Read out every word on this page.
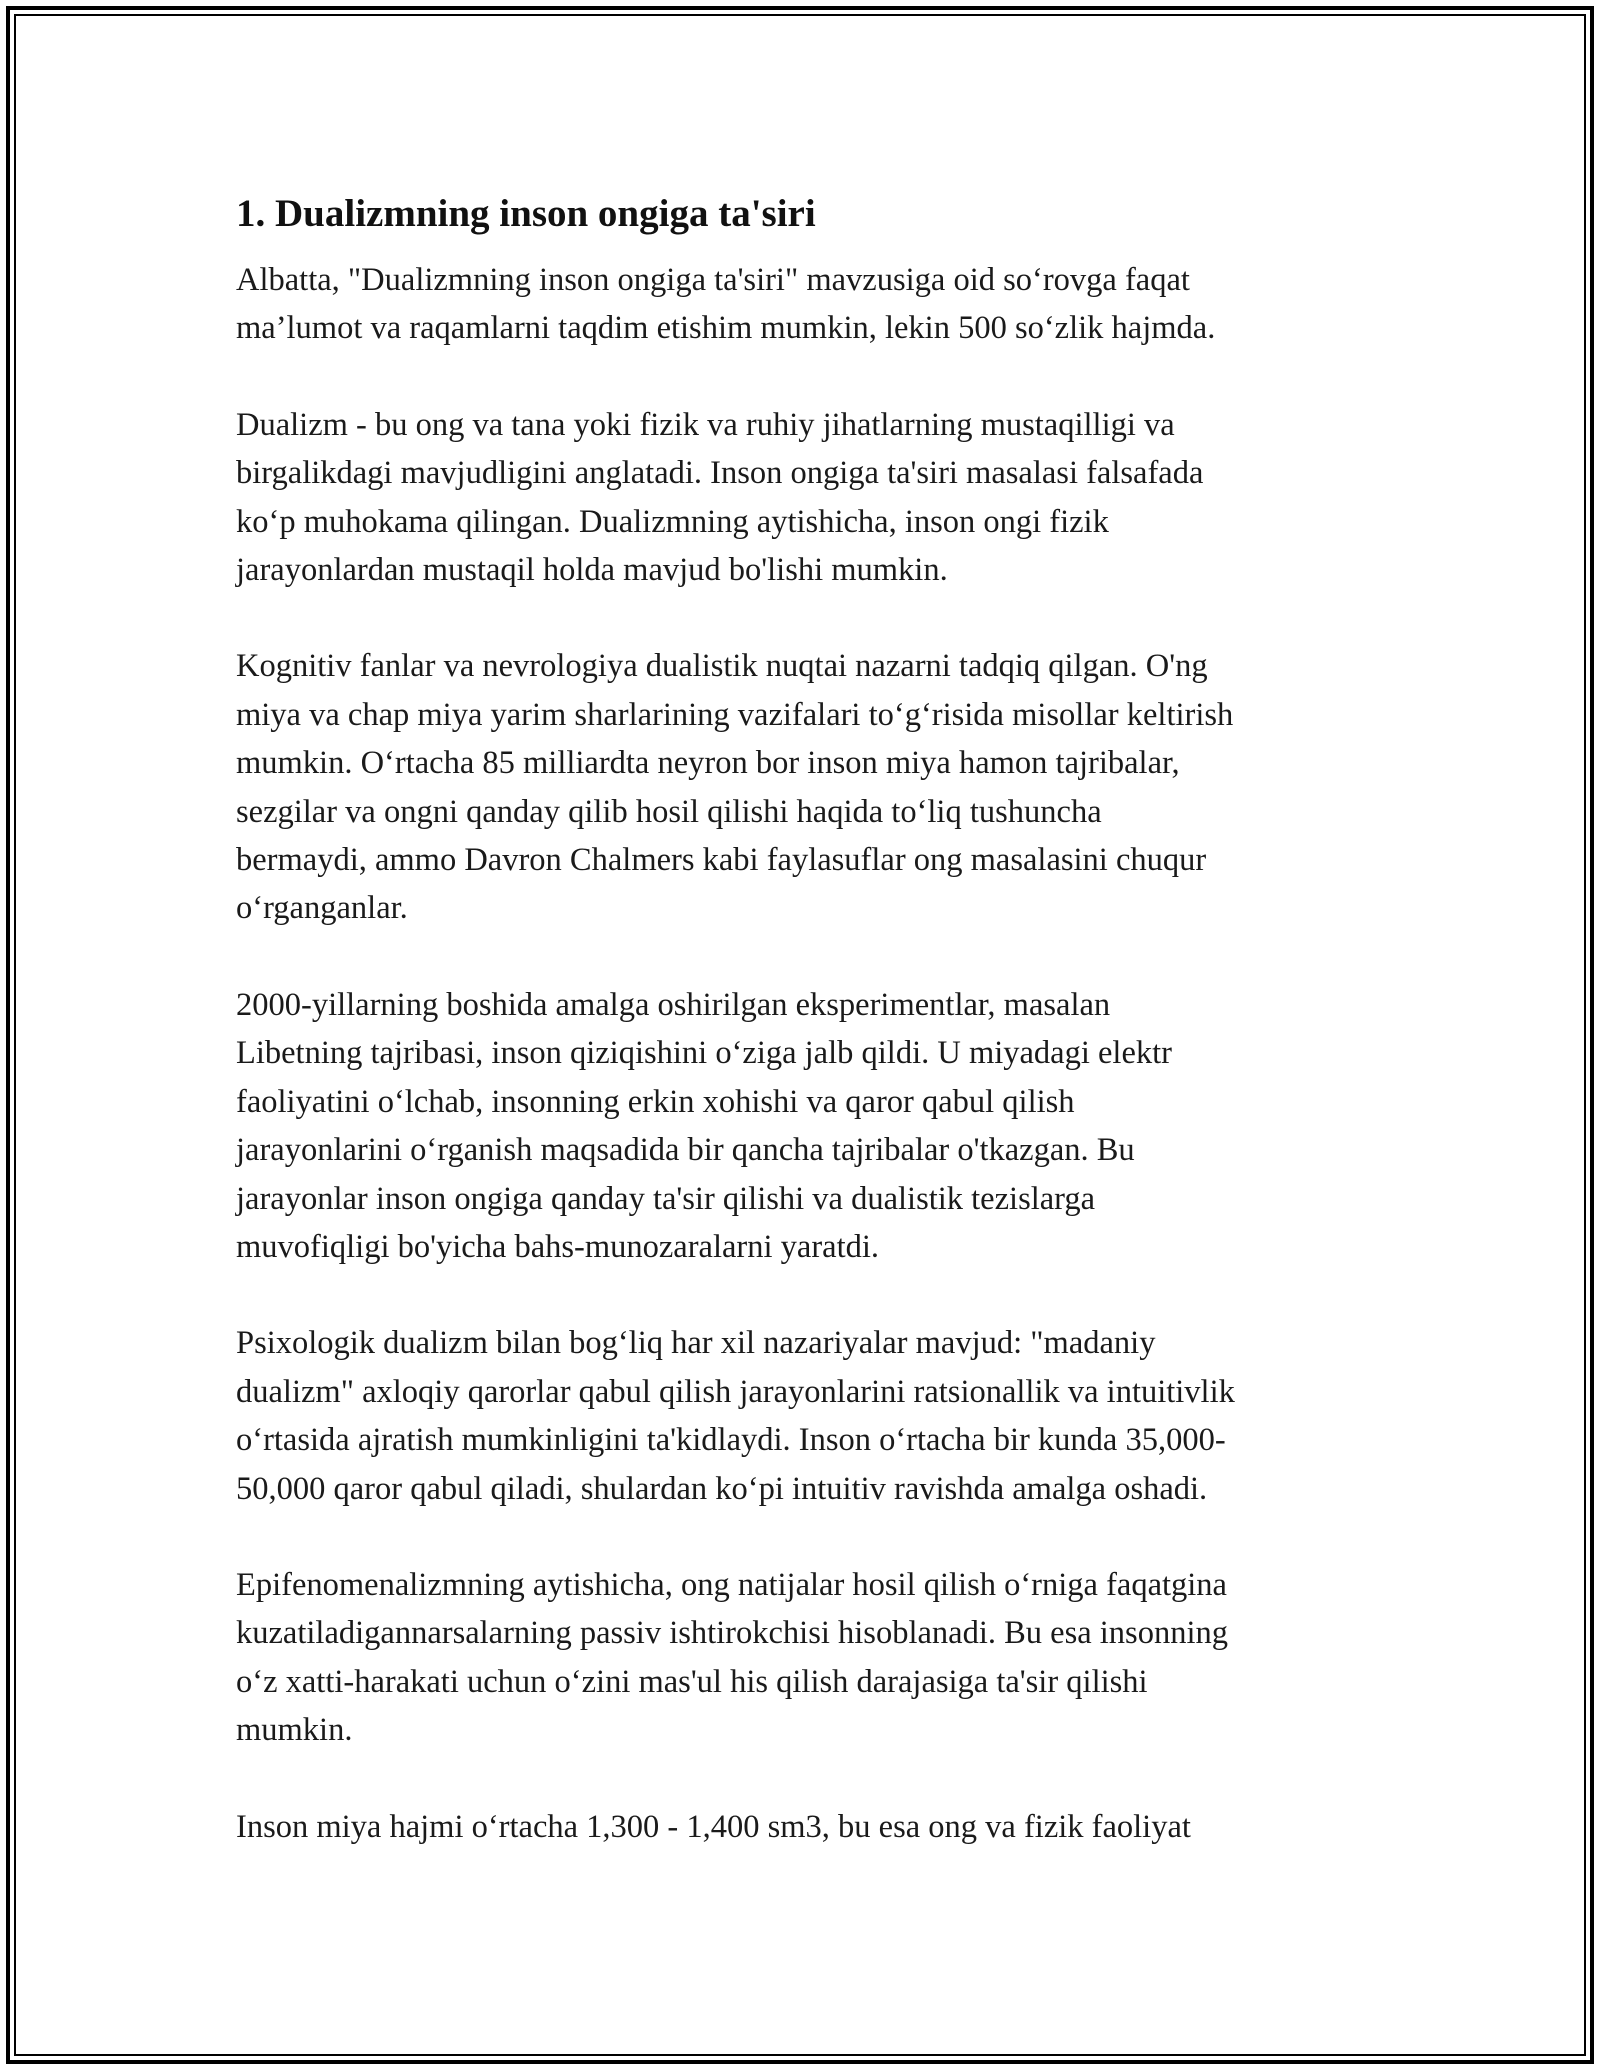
1. Dualizmning inson ongiga ta'siri
Albatta, "Dualizmning inson ongiga ta'siri" mavzusiga oid so‘rovga faqat
ma’lumot va raqamlarni taqdim etishim mumkin, lekin 500 so‘zlik hajmda.
Dualizm - bu ong va tana yoki fizik va ruhiy jihatlarning mustaqilligi va
birgalikdagi mavjudligini anglatadi. Inson ongiga ta'siri masalasi falsafada
ko‘p muhokama qilingan. Dualizmning aytishicha, inson ongi fizik
jarayonlardan mustaqil holda mavjud bo'lishi mumkin.
Kognitiv fanlar va nevrologiya dualistik nuqtai nazarni tadqiq qilgan. O'ng
miya va chap miya yarim sharlarining vazifalari to‘g‘risida misollar keltirish
mumkin. O‘rtacha 85 milliardta neyron bor inson miya hamon tajribalar,
sezgilar va ongni qanday qilib hosil qilishi haqida to‘liq tushuncha
bermaydi, ammo Davron Chalmers kabi faylasuflar ong masalasini chuqur
o‘rganganlar.
2000-yillarning boshida amalga oshirilgan eksperimentlar, masalan
Libetning tajribasi, inson qiziqishini o‘ziga jalb qildi. U miyadagi elektr
faoliyatini o‘lchab, insonning erkin xohishi va qaror qabul qilish
jarayonlarini o‘rganish maqsadida bir qancha tajribalar o'tkazgan. Bu
jarayonlar inson ongiga qanday ta'sir qilishi va dualistik tezislarga
muvofiqligi bo'yicha bahs-munozaralarni yaratdi.
Psixologik dualizm bilan bog‘liq har xil nazariyalar mavjud: "madaniy
dualizm" axloqiy qarorlar qabul qilish jarayonlarini ratsionallik va intuitivlik
o‘rtasida ajratish mumkinligini ta'kidlaydi. Inson o‘rtacha bir kunda 35,000-
50,000 qaror qabul qiladi, shulardan ko‘pi intuitiv ravishda amalga oshadi.
Epifenomenalizmning aytishicha, ong natijalar hosil qilish o‘rniga faqatgina
kuzatiladigannarsalarning passiv ishtirokchisi hisoblanadi. Bu esa insonning
o‘z xatti-harakati uchun o‘zini mas'ul his qilish darajasiga ta'sir qilishi
mumkin.
Inson miya hajmi o‘rtacha 1,300 - 1,400 sm3, bu esa ong va fizik faoliyat
